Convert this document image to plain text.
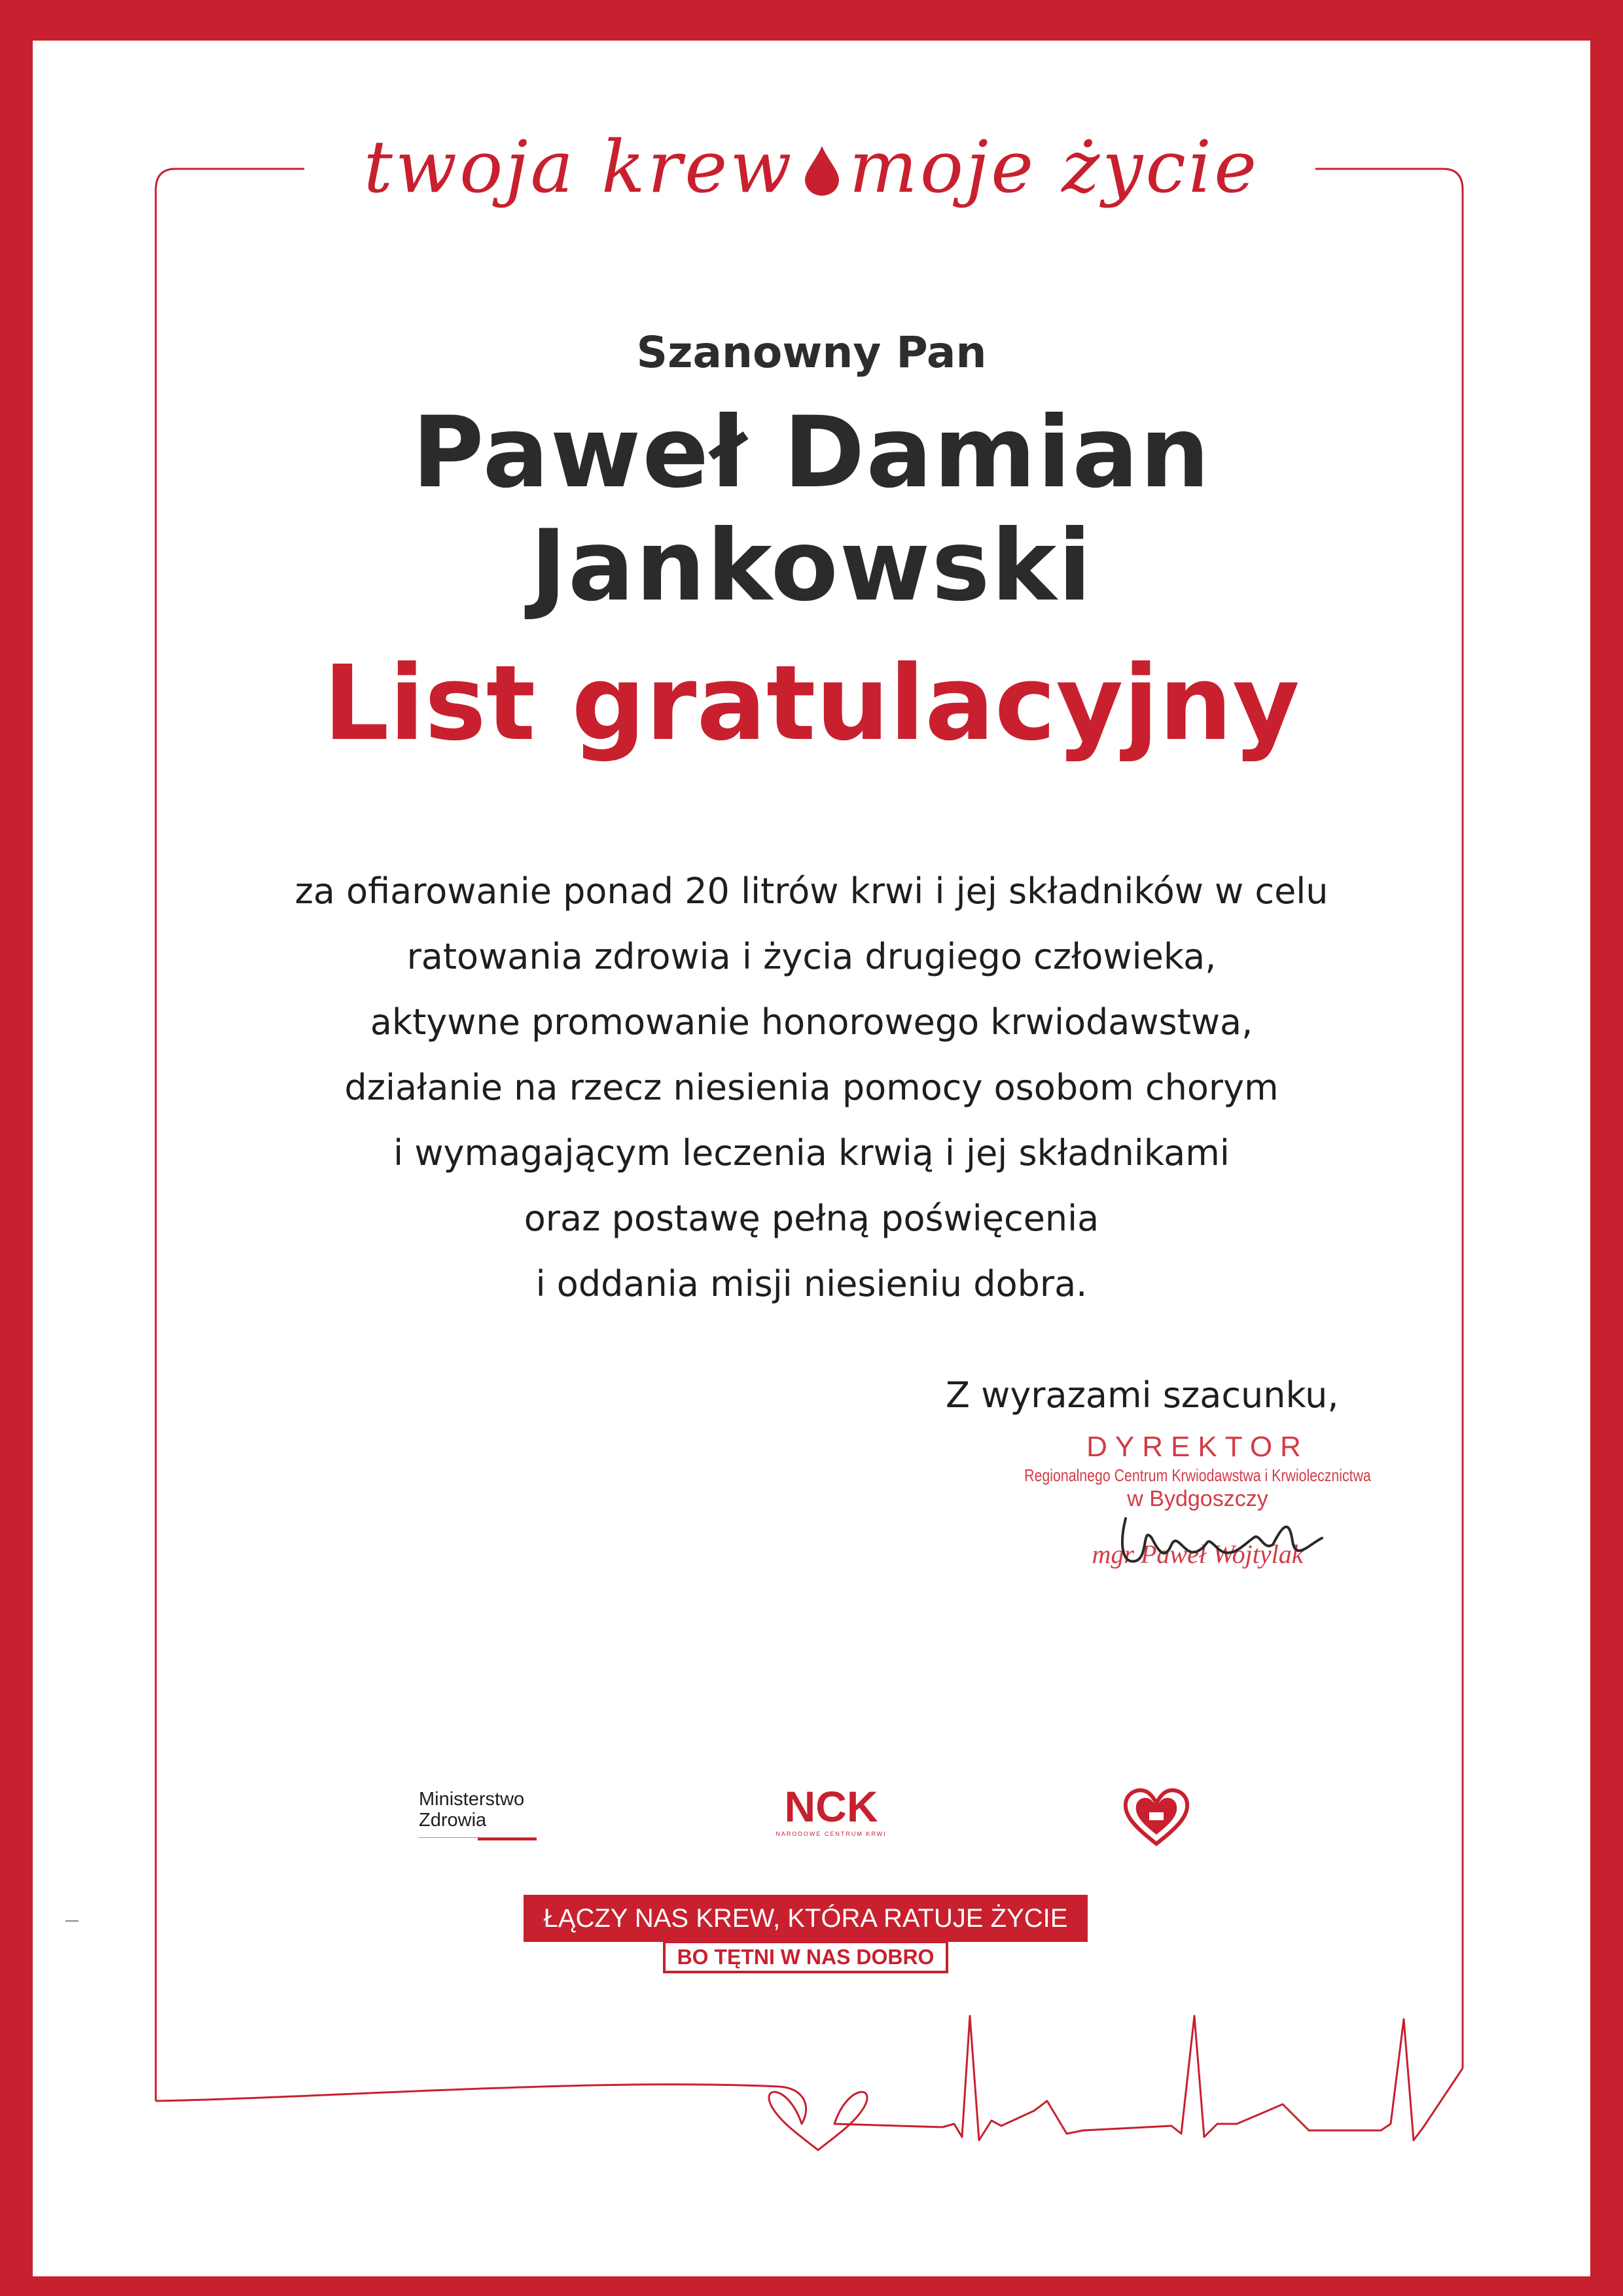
twoja krew moje życie
Szanowny Pan
Paweł Damian
Jankowski
List gratulacyjny
za ofiarowanie ponad 20 litrów krwi i jej składników w celu
ratowania zdrowia i życia drugiego człowieka,
aktywne promowanie honorowego krwiodawstwa,
działanie na rzecz niesienia pomocy osobom chorym
i wymagającym leczenia krwią i jej składnikami
oraz postawę pełną poświęcenia
i oddania misji niesieniu dobra.
Z wyrazami szacunku,
DYREKTOR
Regionalnego Centrum Krwiodawstwa i Krwiolecznictwa
w Bydgoszczy
mgr Paweł Wojtylak
Ministerstwo
Zdrowia	NCK
NARODOWE CENTRUM KRWI
ŁĄCZY NAS KREW, KTÓRA RATUJE ŻYCIE
BO TĘTNI W NAS DOBRO
